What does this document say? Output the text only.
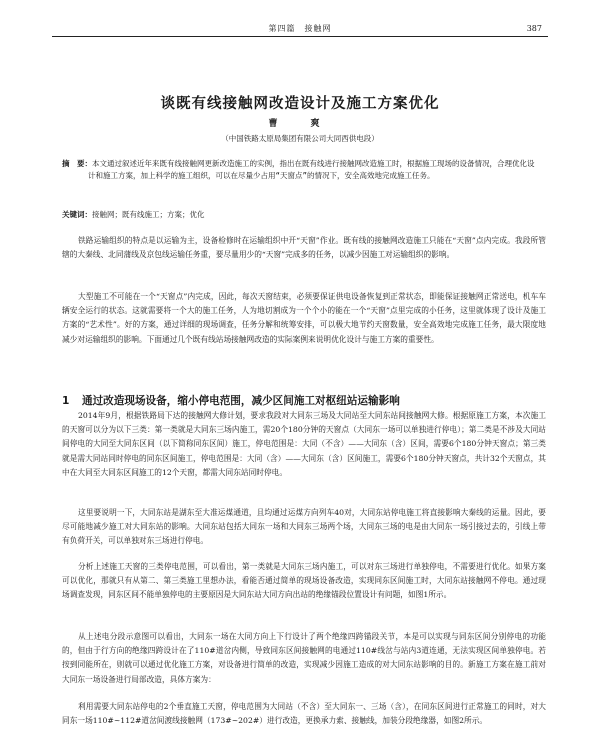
第四篇　接触网	387
谈既有线接触网改造设计及施工方案优化
曹　爽
（中国铁路太原局集团有限公司大同西供电段）
摘　要：本文通过叙述近年来既有线接触网更新改造施工的实例，指出在既有线进行接触网改造施工时，根据施工现场的设备情况，合理优化设计和施工方案，加上科学的施工组织，可以在尽量少占用“天窗点”的情况下，安全高效地完成施工任务。
关键词：接触网；既有线施工；方案；优化

铁路运输组织的特点是以运输为主，设备检修时在运输组织中开“天窗”作业。既有线的接触网改造施工只能在“天窗”点内完成。我段所管辖的大秦线、北同蒲线及京包线运输任务重，要尽量用少的“天窗”完成多的任务，以减少因施工对运输组织的影响。

大型施工不可能在一个“天窗点”内完成，因此，每次天窗结束，必须要保证供电设备恢复到正常状态，即能保证接触网正常送电，机车车辆安全运行的状态。这就需要将一个大的施工任务，人为地切割成为一个个小的能在一个“天窗”点里完成的小任务，这里就体现了设计及施工方案的“艺术性”。好的方案，通过详细的现场调查，任务分解和统筹安排，可以极大地节约天窗数量，安全高效地完成施工任务，最大限度地减少对运输组织的影响。下面通过几个既有线站场接触网改造的实际案例来说明优化设计与施工方案的重要性。

1 通过改造现场设备，缩小停电范围，减少区间施工对枢纽站运输影响

2014年9月，根据铁路局下达的接触网大修计划，要求我段对大同东三场及大同站至大同东站间接触网大修。根据原施工方案，本次施工的天窗可以分为以下三类：第一类就是大同东三场内施工，需20个180分钟的天窗点（大同东一场可以单独进行停电）；第二类是不涉及大同站间停电的大同至大同东区间（以下简称同东区间）施工，停电范围是：大同（不含）——大同东（含）区间，需要6个180分钟天窗点；第三类就是需大同站同时停电的同东区间施工，停电范围是：大同（含）——大同东（含）区间施工，需要6个180分钟天窗点，共计32个天窗点，其中在大同至大同东区间施工的12个天窗，都需大同东站同时停电。

这里要说明一下，大同东站是湖东至大准运煤通道，且均通过运煤方向列车40对，大同东站停电施工将直接影响大秦线的运量。因此，要尽可能地减少施工对大同东站的影响。大同东站包括大同东一场和大同东三场两个场，大同东三场的电是由大同东一场引接过去的，引线上带有负荷开关，可以单独对东三场进行停电。

分析上述施工天窗的三类停电范围，可以看出，第一类就是大同东三场内施工，可以对东三场进行单独停电，不需要进行优化。如果方案可以优化，那就只有从第二、第三类施工里想办法，看能否通过简单的现场设备改造，实现同东区间施工时，大同东站接触网不停电。通过现场调查发现，同东区间不能单独停电的主要原因是大同东站大同方向出站的绝缘锚段位置设计有问题，如图1所示。

从上述电分段示意图可以看出，大同东一场在大同方向上下行设计了两个绝缘四跨锚段关节，本是可以实现与同东区间分别停电的功能的，但由于行方向的绝缘四跨设计在了110#道岔内侧，导致同东区间接触网的电通过110#线岔与站内3道连通，无法实现区间单独停电。若按到同能所在，则就可以通过优化施工方案，对设备进行简单的改造，实现减少因施工造成的对大同东站影响的目的。新施工方案在施工前对大同东一场设备进行局部改造，具体方案为：

利用需要大同东站停电的2个垂直施工天窗，停电范围为大同站（不含）至大同东一、三场（含），在同东区间进行正常施工的同时，对大同东一场110#~112#道岔间渡线接触网（173#~202#）进行改造，更换承力索、接触线，加装分段绝缘器，如图2所示。
